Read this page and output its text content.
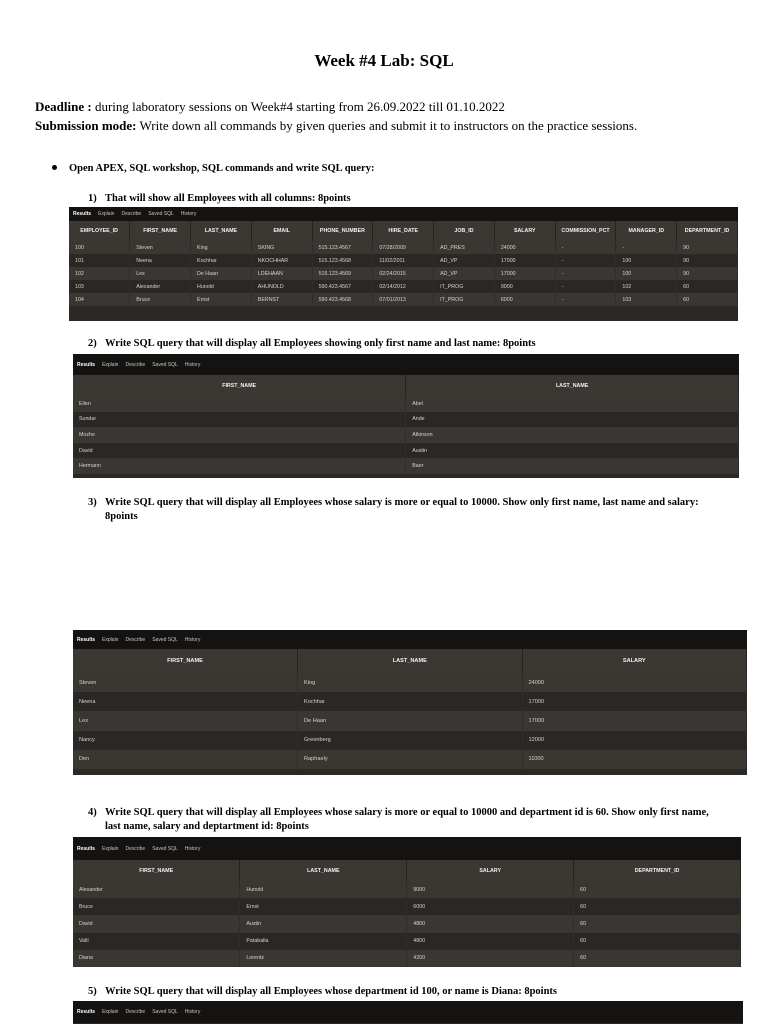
Week #4 Lab: SQL
Deadline : during laboratory sessions on Week#4 starting from 26.09.2022 till 01.10.2022
Submission mode: Write down all commands by given queries and submit it to instructors on the practice sessions.
Open APEX, SQL workshop, SQL commands and write SQL query:
1) That will show all Employees with all columns: 8points
2) Write SQL query that will display all Employees showing only first name and last name: 8points
3) Write SQL query that will display all Employees whose salary is more or equal to 10000. Show only first name, last name and salary:
8points
4) Write SQL query that will display all Employees whose salary is more or equal to 10000 and department id is 60. Show only first name,
last name, salary and deptartment id: 8points
5) Write SQL query that will display all Employees whose department id 100, or name is Diana: 8points
Results Explain Describe Saved SQL History
EMPLOYEE_ID	FIRST_NAME	LAST_NAME	EMAIL	PHONE_NUMBER	HIRE_DATE	JOB_ID	SALARY	COMMISSION_PCT	MANAGER_ID	DEPARTMENT_ID
100	Steven	King	SKING	515.123.4567	07/28/2009	AD_PRES	24000	-	-	90
101	Neena	Kochhar	NKOCHHAR	515.123.4568	11/02/2011	AD_VP	17000	-	100	90
102	Lex	De Haan	LDEHAAN	515.123.4569	02/24/2015	AD_VP	17000	-	100	90
103	Alexander	Hunold	AHUNOLD	590.423.4567	02/14/2012	IT_PROG	9000	-	102	60
104	Bruce	Ernst	BERNST	590.423.4568	07/01/2013	IT_PROG	6000	-	103	60
Results Explain Describe Saved SQL History
FIRST_NAME	LAST_NAME
Ellen	Abel
Sundar	Ande
Mozhe	Atkinson
David	Austin
Hermann	Baer
Results Explain Describe Saved SQL History
FIRST_NAME	LAST_NAME	SALARY
Steven	King	24000
Neena	Kochhar	17000
Lex	De Haan	17000
Nancy	Greenberg	12000
Den	Raphaely	11000
Results Explain Describe Saved SQL History
FIRST_NAME	LAST_NAME	SALARY	DEPARTMENT_ID
Alexander	Hunold	9000	60
Bruce	Ernst	6000	60
David	Austin	4800	60
Valli	Pataballa	4800	60
Diana	Lorentz	4200	60
Results Explain Describe Saved SQL History
